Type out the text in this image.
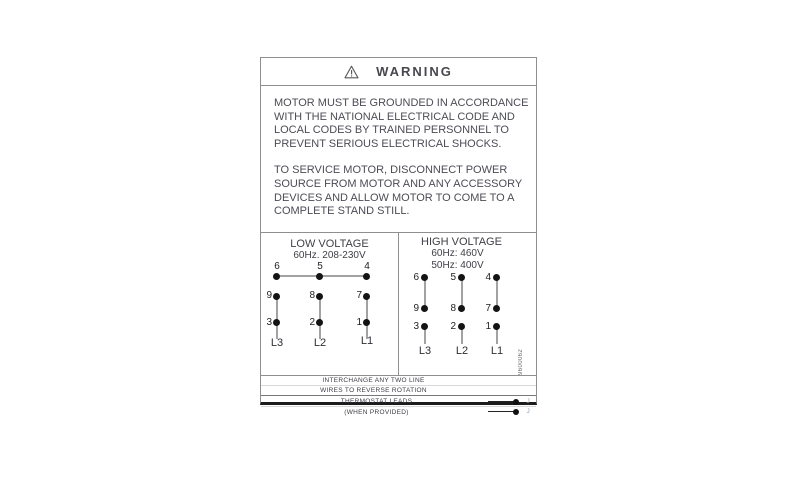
WARNING
MOTOR MUST BE GROUNDED IN ACCORDANCE
WITH THE NATIONAL ELECTRICAL CODE AND
LOCAL CODES BY TRAINED PERSONNEL TO
PREVENT SERIOUS ELECTRICAL SHOCKS.
TO SERVICE MOTOR, DISCONNECT POWER
SOURCE FROM MOTOR AND ANY ACCESSORY
DEVICES AND ALLOW MOTOR TO COME TO A
COMPLETE STAND STILL.
LOW VOLTAGE
60Hz. 208-230V
6	5	4
9	8	7
3	2	1
L3	L2	L1
HIGH VOLTAGE
60Hz: 460V
50Hz: 400V
6	5	4
9	8	7
3	2	1
L3	L2	L1	9600062
INTERCHANGE ANY TWO LINE
WIRES TO REVERSE ROTATION
THERMOSTAT LEADS	J
(WHEN PROVIDED)	J
